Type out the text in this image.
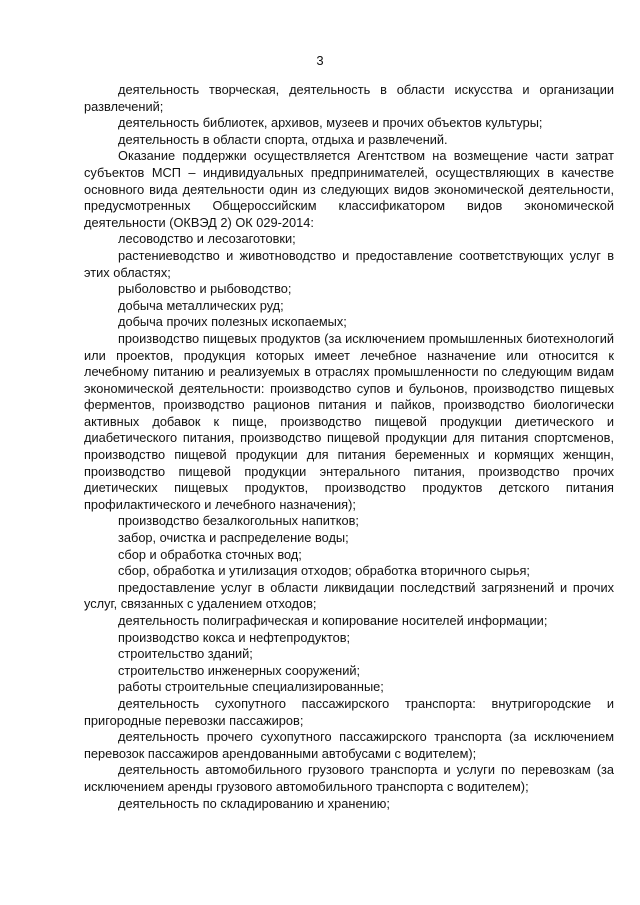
3

деятельность творческая, деятельность в области искусства и организации развлечений;

деятельность библиотек, архивов, музеев и прочих объектов культуры;

деятельность в области спорта, отдыха и развлечений.

Оказание поддержки осуществляется Агентством на возмещение части затрат субъектов МСП – индивидуальных предпринимателей, осуществляющих в качестве основного вида деятельности один из следующих видов экономической деятельности, предусмотренных Общероссийским классификатором видов экономической деятельности (ОКВЭД 2) ОК 029-2014:

лесоводство и лесозаготовки;

растениеводство и животноводство и предоставление соответствующих услуг в этих областях;

рыболовство и рыбоводство;

добыча металлических руд;

добыча прочих полезных ископаемых;

производство пищевых продуктов (за исключением промышленных биотехнологий или проектов, продукция которых имеет лечебное назначение или относится к лечебному питанию и реализуемых в отраслях промышленности по следующим видам экономической деятельности: производство супов и бульонов, производство пищевых ферментов, производство рационов питания и пайков, производство биологически активных добавок к пище, производство пищевой продукции диетического и диабетического питания, производство пищевой продукции для питания спортсменов, производство пищевой продукции для питания беременных и кормящих женщин, производство пищевой продукции энтерального питания, производство прочих диетических пищевых продуктов, производство продуктов детского питания профилактического и лечебного назначения);

производство безалкогольных напитков;

забор, очистка и распределение воды;

сбор и обработка сточных вод;

сбор, обработка и утилизация отходов; обработка вторичного сырья;

предоставление услуг в области ликвидации последствий загрязнений и прочих услуг, связанных с удалением отходов;

деятельность полиграфическая и копирование носителей информации;

производство кокса и нефтепродуктов;

строительство зданий;

строительство инженерных сооружений;

работы строительные специализированные;

деятельность сухопутного пассажирского транспорта: внутригородские и пригородные перевозки пассажиров;

деятельность прочего сухопутного пассажирского транспорта (за исключением перевозок пассажиров арендованными автобусами с водителем);

деятельность автомобильного грузового транспорта и услуги по перевозкам (за исключением аренды грузового автомобильного транспорта с водителем);

деятельность по складированию и хранению;
